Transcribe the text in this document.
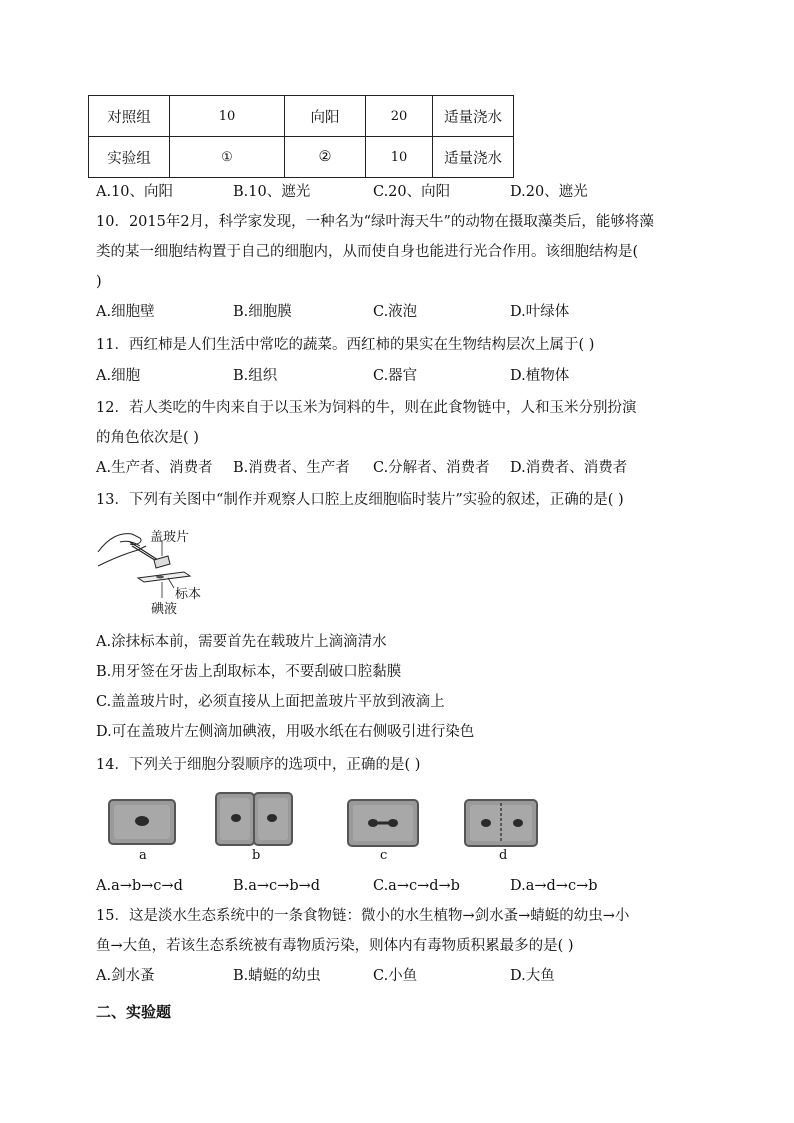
对照组	10	向阳	20	适量浇水
实验组	①	②	10	适量浇水
A.10、向阳	B.10、遮光	C.20、向阳	D.20、遮光
10．2015年2月，科学家发现，一种名为“绿叶海天牛”的动物在摄取藻类后，能够将藻
类的某一细胞结构置于自己的细胞内，从而使自身也能进行光合作用。该细胞结构是(
)
A.细胞壁	B.细胞膜	C.液泡	D.叶绿体
11．西红柿是人们生活中常吃的蔬菜。西红柿的果实在生物结构层次上属于( )
A.细胞	B.组织	C.器官	D.植物体
12．若人类吃的牛肉来自于以玉米为饲料的牛，则在此食物链中，人和玉米分别扮演
的角色依次是( )
A.生产者、消费者 B.消费者、生产者 C.分解者、消费者 D.消费者、消费者
13．下列有关图中“制作并观察人口腔上皮细胞临时装片”实验的叙述，正确的是( )
盖玻片
标本
碘液
A.涂抹标本前，需要首先在载玻片上滴滴清水
B.用牙签在牙齿上刮取标本，不要刮破口腔黏膜
C.盖盖玻片时，必须直接从上面把盖玻片平放到液滴上
D.可在盖玻片左侧滴加碘液，用吸水纸在右侧吸引进行染色
14．下列关于细胞分裂顺序的选项中，正确的是( )
a	b	c	d
A.a→b→c→d	B.a→c→b→d	C.a→c→d→b	D.a→d→c→b
15．这是淡水生态系统中的一条食物链：微小的水生植物→剑水蚤→蜻蜓的幼虫→小
鱼→大鱼，若该生态系统被有毒物质污染，则体内有毒物质积累最多的是( )
A.剑水蚤	B.蜻蜓的幼虫	C.小鱼	D.大鱼
二、实验题
